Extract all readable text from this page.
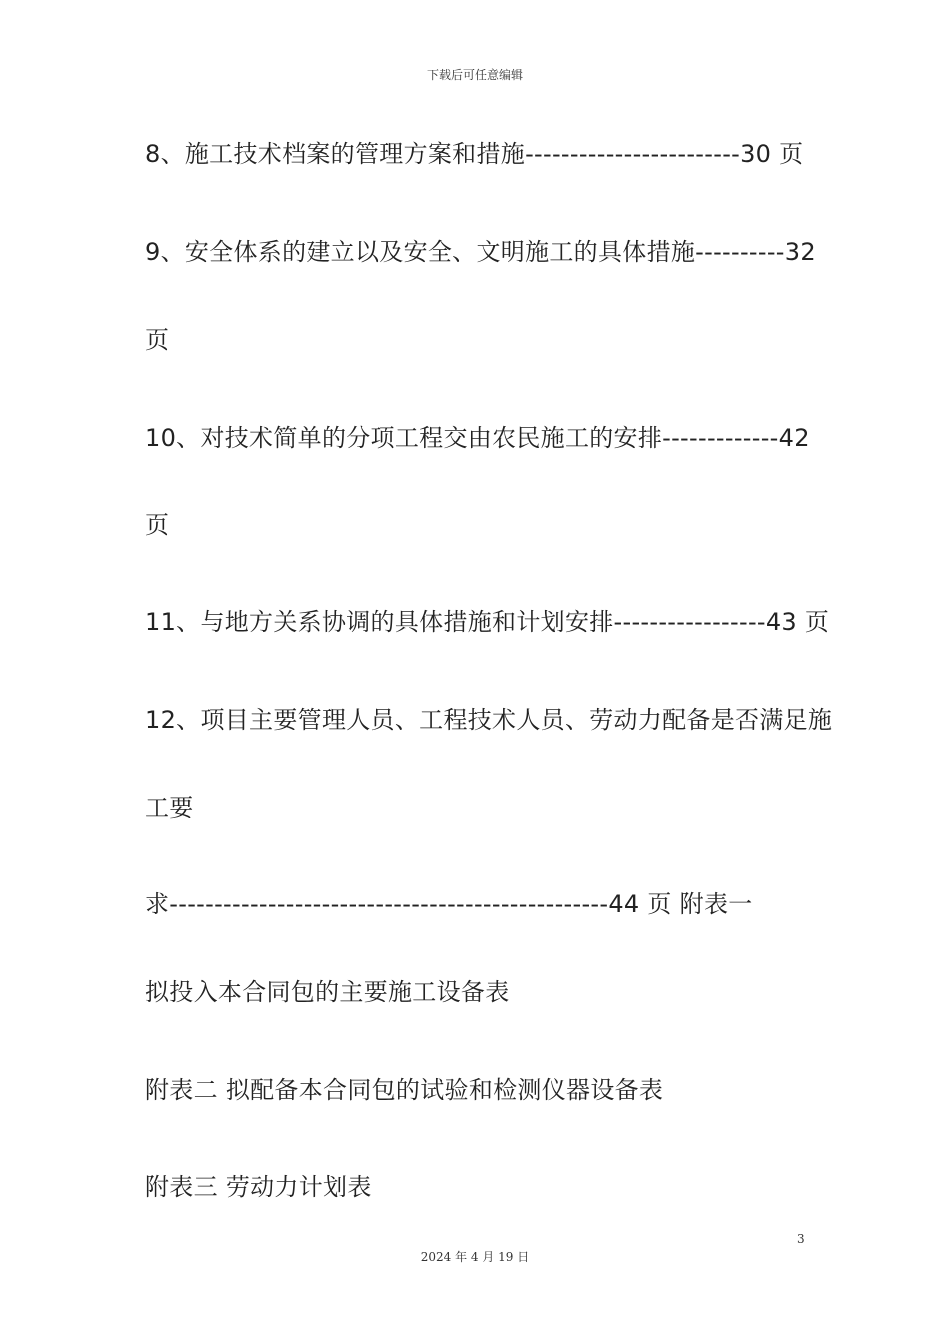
下载后可任意编辑
8、施工技术档案的管理方案和措施------------------------30 页
9、安全体系的建立以及安全、文明施工的具体措施----------32
页
10、对技术简单的分项工程交由农民施工的安排-------------42
页
11、与地方关系协调的具体措施和计划安排-----------------43 页
12、项目主要管理人员、工程技术人员、劳动力配备是否满足施
工要
求-------------------------------------------------44 页 附表一
拟投入本合同包的主要施工设备表
附表二 拟配备本合同包的试验和检测仪器设备表
附表三 劳动力计划表
3
2024 年 4 月 19 日
